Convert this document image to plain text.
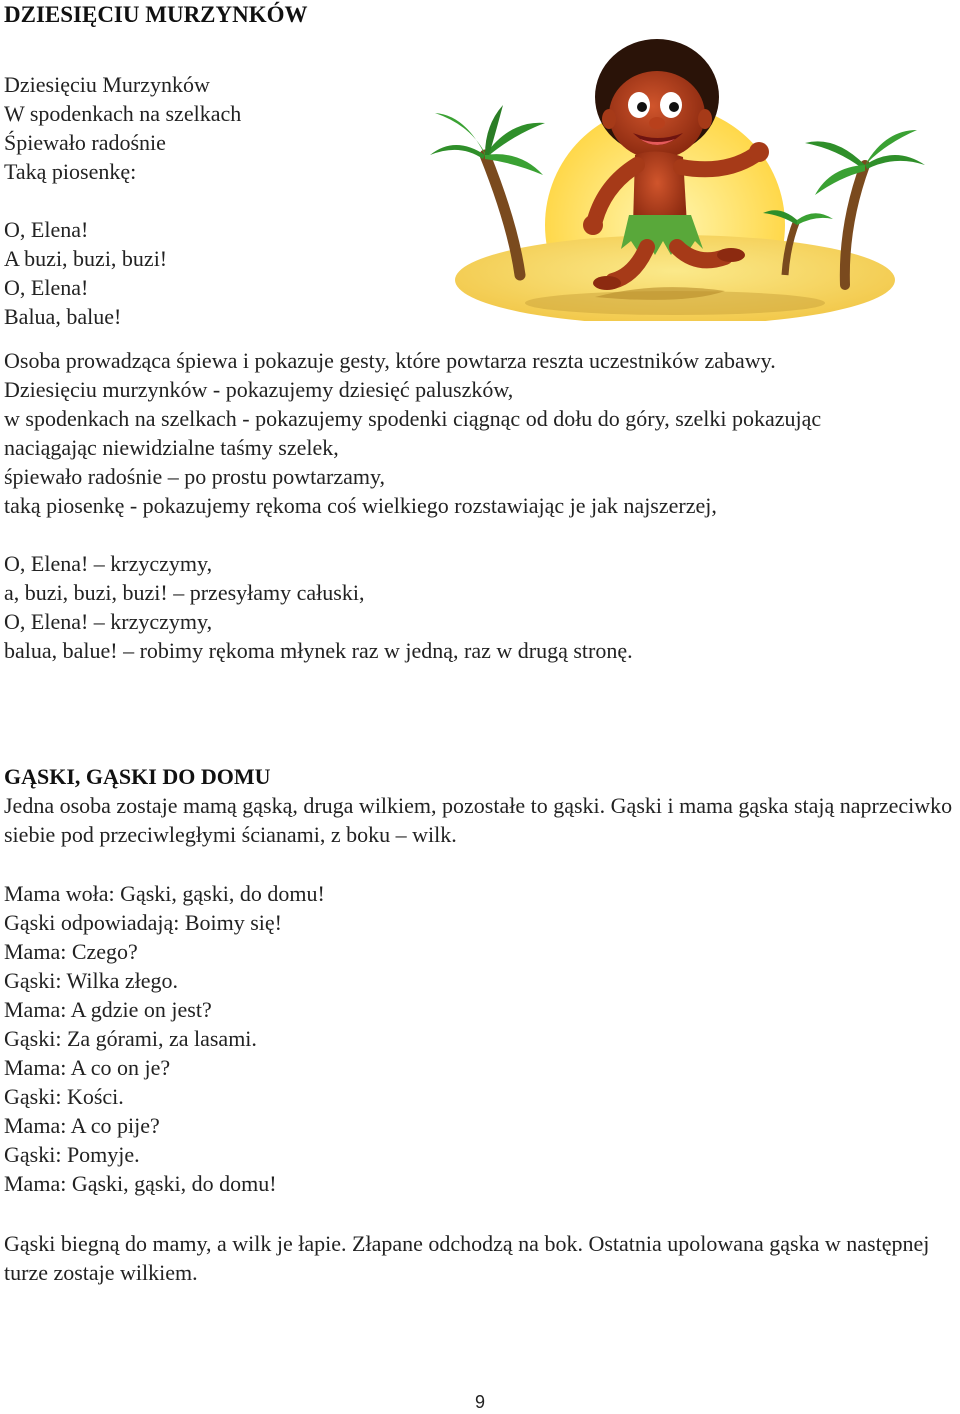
DZIESIĘCIU MURZYNKÓW
Dziesięciu Murzynków
W spodenkach na szelkach
Śpiewało radośnie
Taką piosenkę:
O, Elena!
A buzi, buzi, buzi!
O, Elena!
Balua, balue!
Osoba prowadząca śpiewa i pokazuje gesty, które powtarza reszta uczestników zabawy.
Dziesięciu murzynków - pokazujemy dziesięć paluszków,
w spodenkach na szelkach - pokazujemy spodenki ciągnąc od dołu do góry, szelki pokazując
naciągając niewidzialne taśmy szelek,
śpiewało radośnie – po prostu powtarzamy,
taką piosenkę - pokazujemy rękoma coś wielkiego rozstawiając je jak najszerzej,
O, Elena! – krzyczymy,
a, buzi, buzi, buzi! – przesyłamy całuski,
O, Elena! – krzyczymy,
balua, balue! – robimy rękoma młynek raz w jedną, raz w drugą stronę.
GĄSKI, GĄSKI DO DOMU

Jedna osoba zostaje mamą gąską, druga wilkiem, pozostałe to gąski. Gąski i mama gąska stają naprzeciwko siebie pod przeciwległymi ścianami, z boku – wilk.

Mama woła: Gąski, gąski, do domu!
Gąski odpowiadają: Boimy się!
Mama: Czego?
Gąski: Wilka złego.
Mama: A gdzie on jest?
Gąski: Za górami, za lasami.
Mama: A co on je?
Gąski: Kości.
Mama: A co pije?
Gąski: Pomyje.
Mama: Gąski, gąski, do domu!

Gąski biegną do mamy, a wilk je łapie. Złapane odchodzą na bok. Ostatnia upolowana gąska w następnej turze zostaje wilkiem.

9
